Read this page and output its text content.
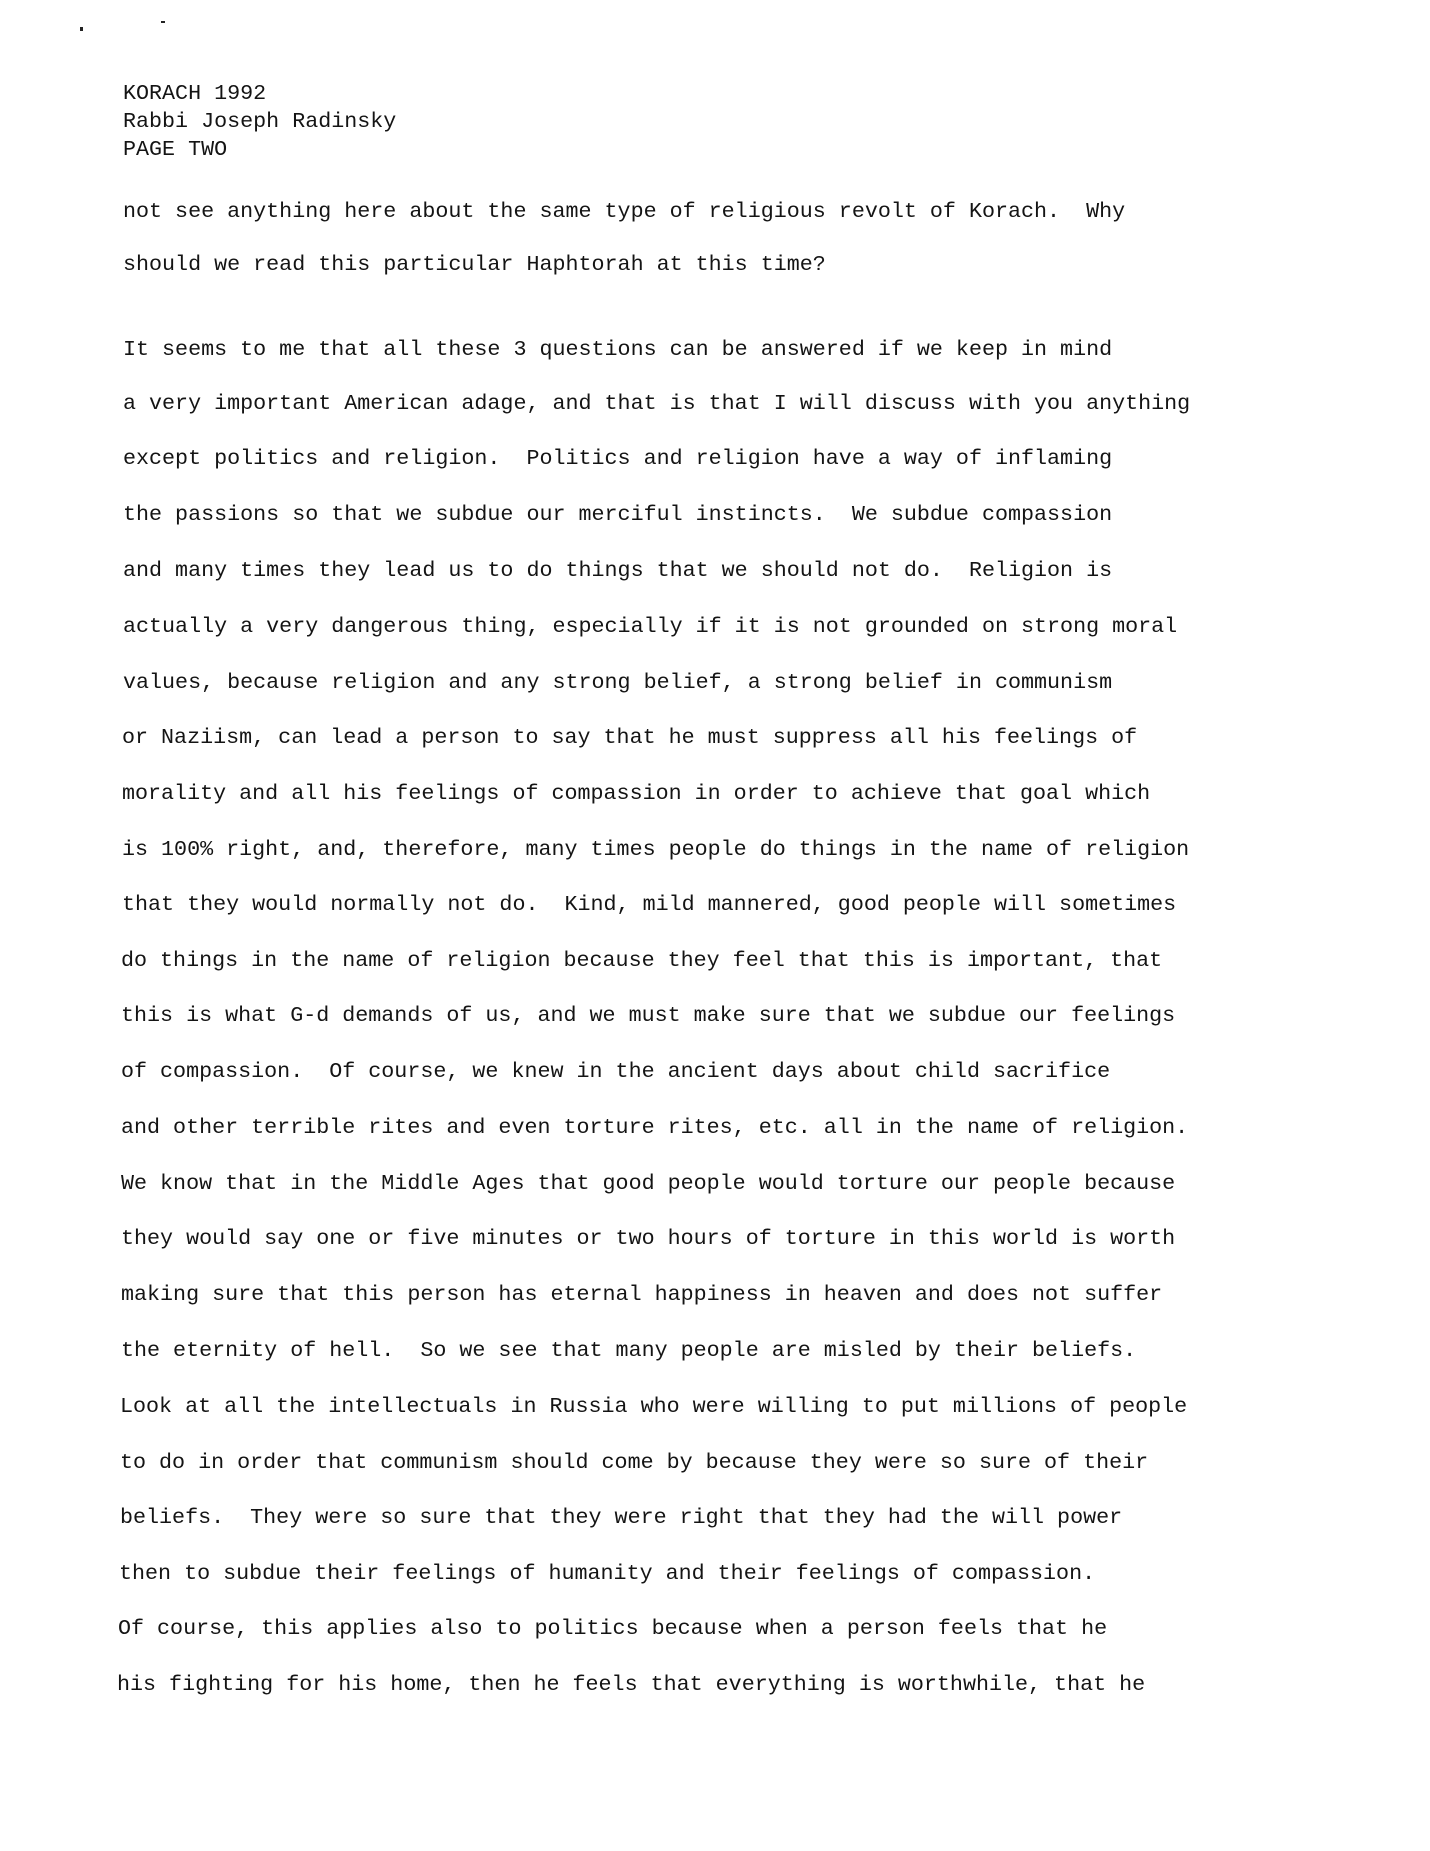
KORACH 1992
Rabbi Joseph Radinsky
PAGE TWO
not see anything here about the same type of religious revolt of Korach.  Why
should we read this particular Haphtorah at this time?
It seems to me that all these 3 questions can be answered if we keep in mind
a very important American adage, and that is that I will discuss with you anything
except politics and religion.  Politics and religion have a way of inflaming
the passions so that we subdue our merciful instincts.  We subdue compassion
and many times they lead us to do things that we should not do.  Religion is
actually a very dangerous thing, especially if it is not grounded on strong moral
values, because religion and any strong belief, a strong belief in communism
or Naziism, can lead a person to say that he must suppress all his feelings of
morality and all his feelings of compassion in order to achieve that goal which
is 100% right, and, therefore, many times people do things in the name of religion
that they would normally not do.  Kind, mild mannered, good people will sometimes
do things in the name of religion because they feel that this is important, that
this is what G-d demands of us, and we must make sure that we subdue our feelings
of compassion.  Of course, we knew in the ancient days about child sacrifice
and other terrible rites and even torture rites, etc. all in the name of religion.
We know that in the Middle Ages that good people would torture our people because
they would say one or five minutes or two hours of torture in this world is worth
making sure that this person has eternal happiness in heaven and does not suffer
the eternity of hell.  So we see that many people are misled by their beliefs.
Look at all the intellectuals in Russia who were willing to put millions of people
to do in order that communism should come by because they were so sure of their
beliefs.  They were so sure that they were right that they had the will power
then to subdue their feelings of humanity and their feelings of compassion.
Of course, this applies also to politics because when a person feels that he
his fighting for his home, then he feels that everything is worthwhile, that he
